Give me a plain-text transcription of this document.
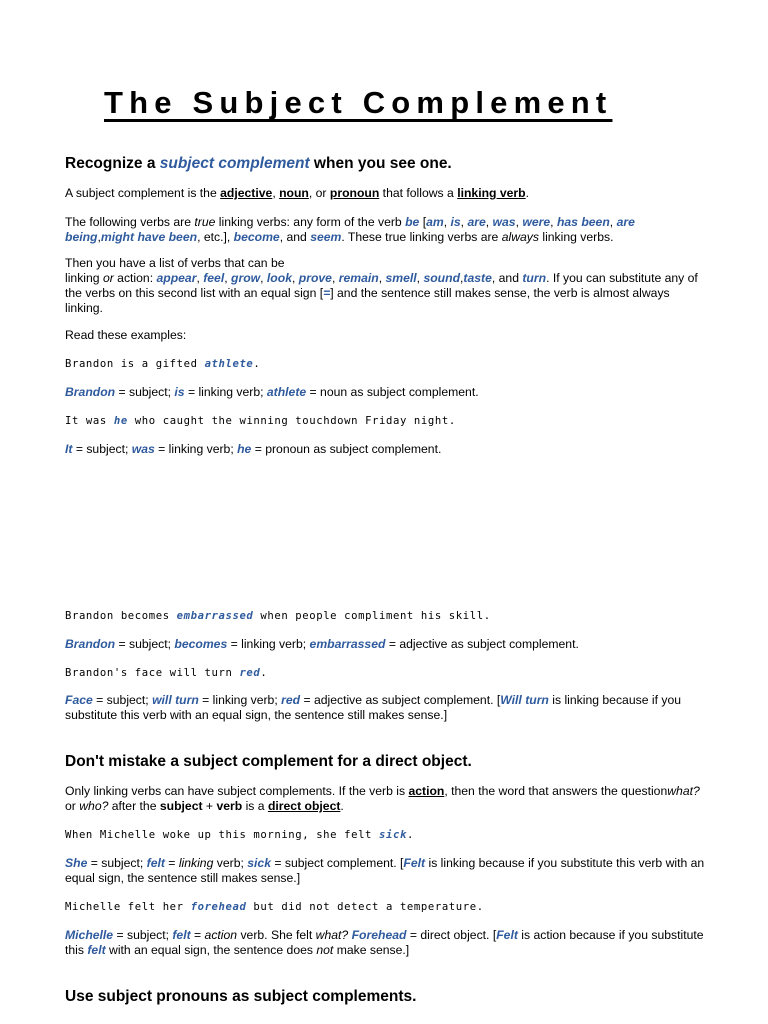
The Subject Complement

Recognize a subject complement when you see one.

A subject complement is the adjective, noun, or pronoun that follows a linking verb.

The following verbs are true linking verbs: any form of the verb be [am, is, are, was, were, has been, are
being,might have been, etc.], become, and seem. These true linking verbs are always linking verbs.

Then you have a list of verbs that can be
linking or action: appear, feel, grow, look, prove, remain, smell, sound,taste, and turn. If you can substitute any of the verbs on this second list with an equal sign [=] and the sentence still makes sense, the verb is almost always linking.

Read these examples:

Brandon is a gifted athlete.

Brandon = subject; is = linking verb; athlete = noun as subject complement.

It was he who caught the winning touchdown Friday night.

It = subject; was = linking verb; he = pronoun as subject complement.

Brandon becomes embarrassed when people compliment his skill.

Brandon = subject; becomes = linking verb; embarrassed = adjective as subject complement.

Brandon's face will turn red.

Face = subject; will turn = linking verb; red = adjective as subject complement. [Will turn is linking because if you substitute this verb with an equal sign, the sentence still makes sense.]

Don't mistake a subject complement for a direct object.

Only linking verbs can have subject complements. If the verb is action, then the word that answers the questionwhat? or who? after the subject + verb is a direct object.

When Michelle woke up this morning, she felt sick.

She = subject; felt = linking verb; sick = subject complement. [Felt is linking because if you substitute this verb with an equal sign, the sentence still makes sense.]

Michelle felt her forehead but did not detect a temperature.

Michelle = subject; felt = action verb. She felt what? Forehead = direct object. [Felt is action because if you substitute this felt with an equal sign, the sentence does not make sense.]

Use subject pronouns as subject complements.
